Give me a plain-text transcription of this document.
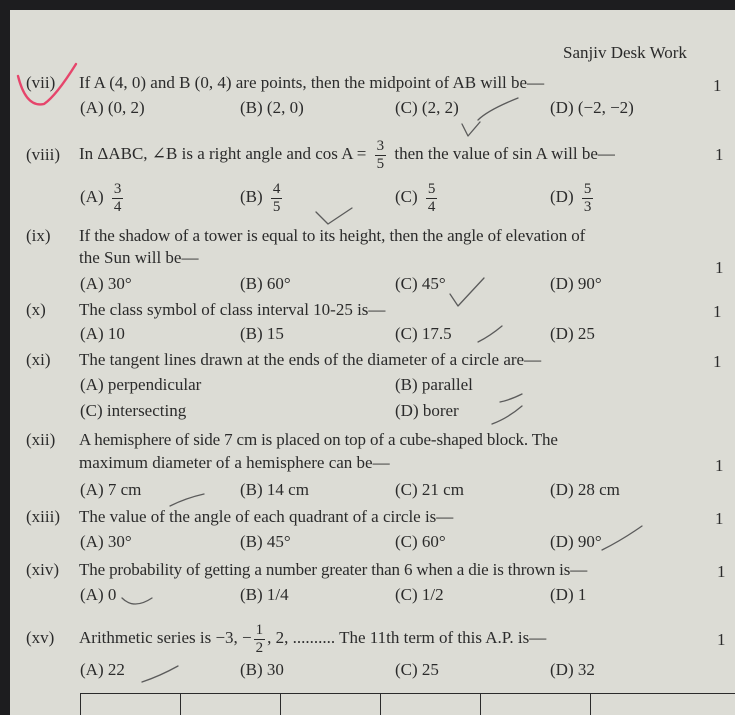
Sanjiv Desk Work
(vii) If A (4, 0) and B (0, 4) are points, then the midpoint of AB will be—	1
(A) (0, 2)	(B) (2, 0)	(C) (2, 2)	(D) (−2, −2)
(viii) In ΔABC, ∠B is a right angle and $\cos A = \frac{3}{5}$ then the value of sin A will be—	1
$(A) \frac{3}{4}$	$(B) \frac{4}{5}$	$(C) \frac{5}{4}$	$(D) \frac{5}{3}$
(ix) If the shadow of a tower is equal to its height, then the angle of elevation of
the Sun will be—
1
(A) 30°	(B) 60°	(C) 45°	(D) 90°
(x) The class symbol of class interval 10-25 is—	1
(A) 10	(B) 15	(C) 17.5	(D) 25
(xi) The tangent lines drawn at the ends of the diameter of a circle are—	1
(A) perpendicular	(B) parallel
(C) intersecting	(D) borer
(xii) A hemisphere of side 7 cm is placed on top of a cube-shaped block. The
maximum diameter of a hemisphere can be—	1
(A) 7 cm	(B) 14 cm	(C) 21 cm	(D) 28 cm
(xiii) The value of the angle of each quadrant of a circle is—	1
(A) 30°	(B) 45°	(C) 60°	(D) 90°
(xiv) The probability of getting a number greater than 6 when a die is thrown is—	1
(A) 0	(B) 1/4	(C) 1/2	(D) 1
(xv) Arithmetic series is −3, − $\frac{1}{2}$ , 2, .......... The 11th term of this A.P. is—	1
(A) 22	(B) 30	(C) 25	(D) 32
